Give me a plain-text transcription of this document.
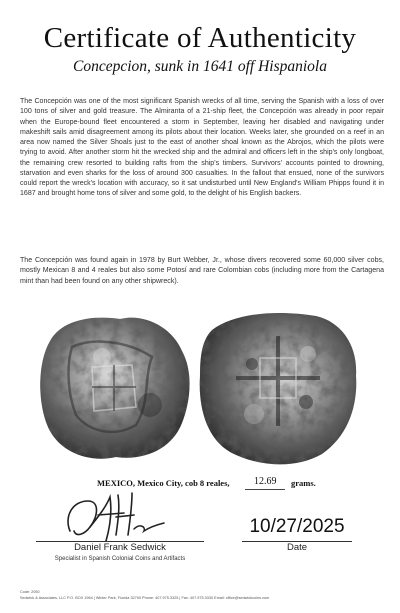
Certificate of Authenticity
Concepcion, sunk in 1641 off Hispaniola

The Concepción was one of the most significant Spanish wrecks of all time, serving the Spanish with a loss of over 100 tons of silver and gold treasure. The Almiranta of a 21-ship fleet, the Concepción was already in poor repair when the Europe-bound fleet encountered a storm in September, leaving her disabled and navigating under makeshift sails amid disagreement among its pilots about their location. Weeks later, she grounded on a reef in an area now named the Silver Shoals just to the east of another shoal known as the Abrojos, which the pilots were trying to avoid. After another storm hit the wrecked ship and the admiral and officers left in the ship's only longboat, the remaining crew resorted to building rafts from the ship's timbers. Survivors' accounts pointed to drowning, starvation and even sharks for the loss of around 300 casualties. In the fallout that ensued, none of the survivors could report the wreck's location with accuracy, so it sat undisturbed until New England's William Phipps found it in 1687 and brought home tons of silver and some gold, to the delight of his English backers.

The Concepción was found again in 1978 by Burt Webber, Jr., whose divers recovered some 60,000 silver cobs, mostly Mexican 8 and 4 reales but also some Potosí and rare Colombian cobs (including more from the Cartagena mint than had been found on any other shipwreck).

MEXICO, Mexico City, cob 8 reales, 12.69 grams.
Daniel Frank Sedwick
Specialist in Spanish Colonial Coins and Artifacts
10/27/2025
Date
Code: 2050
Sedwick & Associates, LLC P.O. BOX 1964 | Winter Park, Florida 32790 Phone: 407.975.3325 | Fax: 407.975.3330 Email: office@sedwickcoins.com
